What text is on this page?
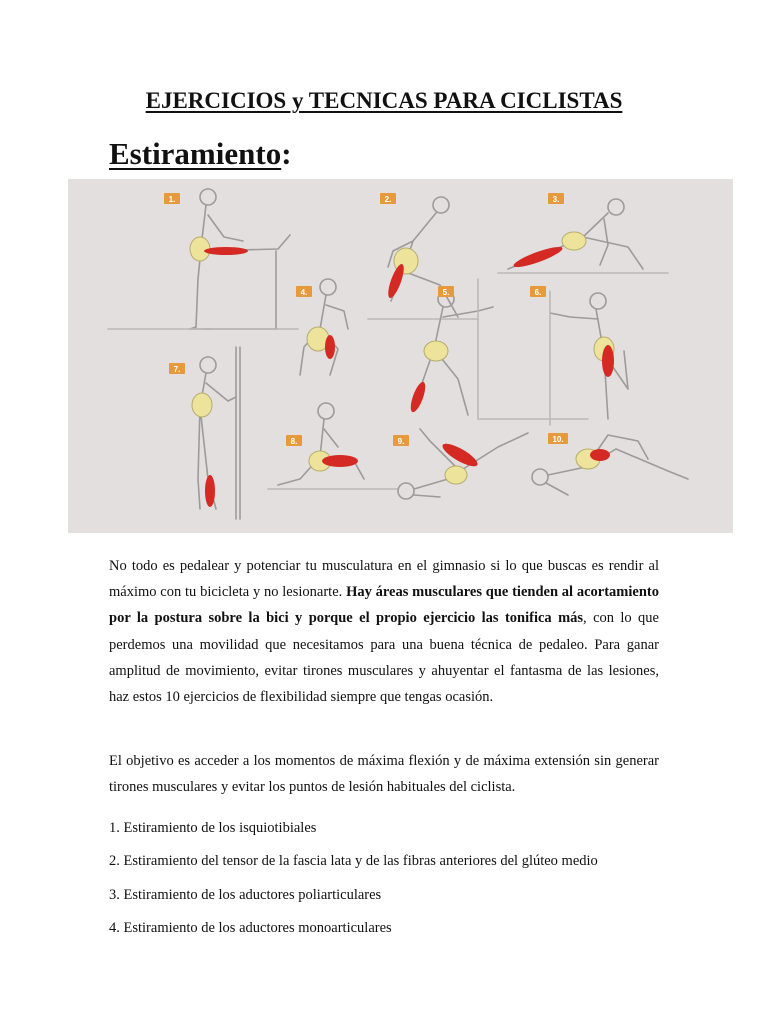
EJERCICIOS y TECNICAS PARA CICLISTAS
Estiramiento:
1.	2.	3.
4.	5.	6.
7.
8.	9.	10.

No todo es pedalear y potenciar tu musculatura en el gimnasio si lo que buscas es rendir al máximo con tu bicicleta y no lesionarte. Hay áreas musculares que tienden al acortamiento por la postura sobre la bici y porque el propio ejercicio las tonifica más, con lo que perdemos una movilidad que necesitamos para una buena técnica de pedaleo. Para ganar amplitud de movimiento, evitar tirones musculares y ahuyentar el fantasma de las lesiones, haz estos 10 ejercicios de flexibilidad siempre que tengas ocasión.

El objetivo es acceder a los momentos de máxima flexión y de máxima extensión sin generar tirones musculares y evitar los puntos de lesión habituales del ciclista.

1. Estiramiento de los isquiotibiales

2. Estiramiento del tensor de la fascia lata y de las fibras anteriores del glúteo medio

3. Estiramiento de los aductores poliarticulares

4. Estiramiento de los aductores monoarticulares
